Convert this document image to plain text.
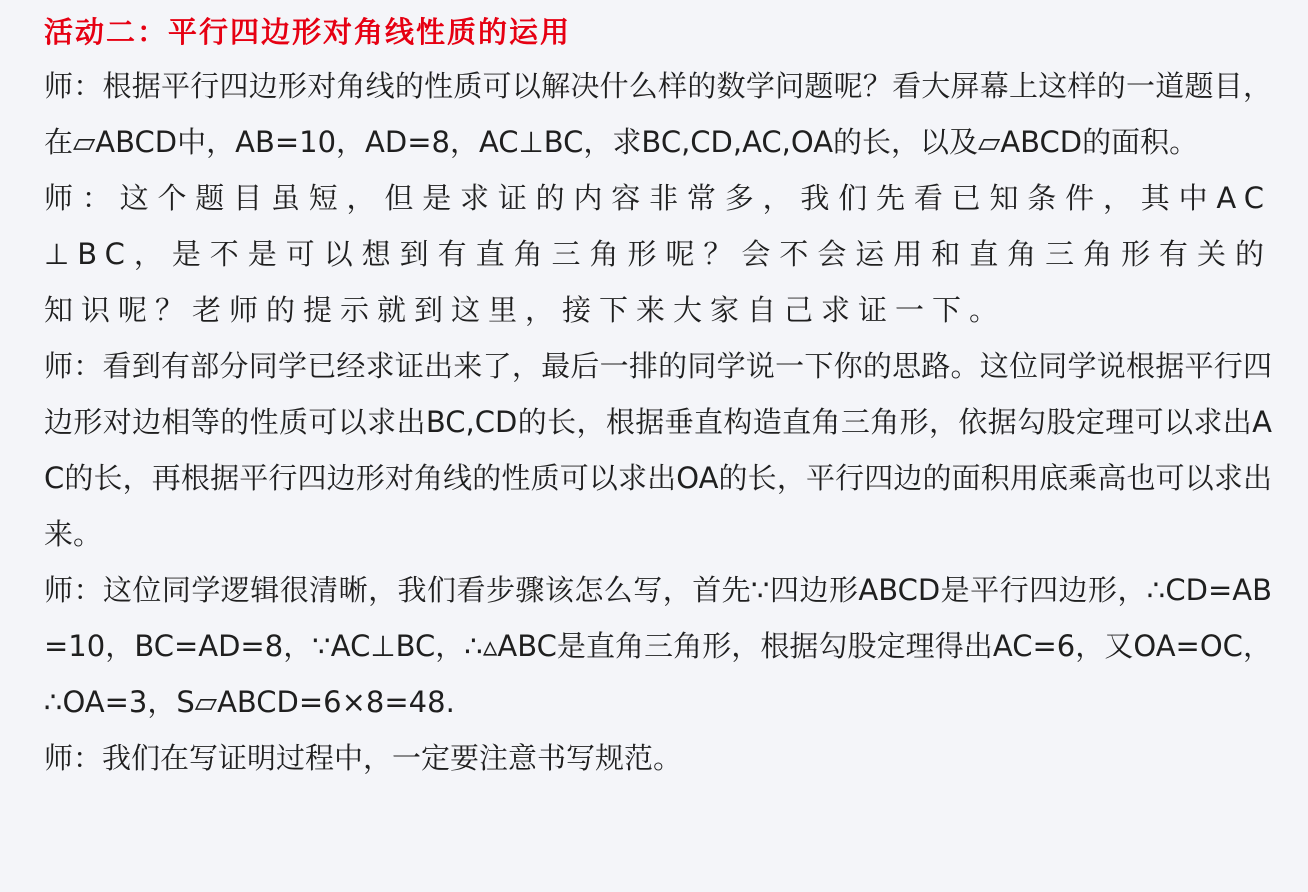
活动二：平行四边形对角线性质的运用

师：根据平行四边形对角线的性质可以解决什么样的数学问题呢？看大屏幕上这样的一道题目，在▱ABCD中，AB=10，AD=8，AC⊥BC，求BC,CD,AC,OA的长，以及▱ABCD的面积。

师：这个题目虽短，但是求证的内容非常多，我们先看已知条件，其中AC⊥BC，是不是可以想到有直角三角形呢？会不会运用和直角三角形有关的知识呢？老师的提示就到这里，接下来大家自己求证一下。

师：看到有部分同学已经求证出来了，最后一排的同学说一下你的思路。这位同学说根据平行四边形对边相等的性质可以求出BC,CD的长，根据垂直构造直角三角形，依据勾股定理可以求出AC的长，再根据平行四边形对角线的性质可以求出OA的长，平行四边的面积用底乘高也可以求出来。

师：这位同学逻辑很清晰，我们看步骤该怎么写，首先∵四边形ABCD是平行四边形，∴CD=AB=10，BC=AD=8，∵AC⊥BC，∴▵ABC是直角三角形，根据勾股定理得出AC=6，又OA=OC，∴OA=3，S▱ABCD=6×8=48.

师：我们在写证明过程中，一定要注意书写规范。
